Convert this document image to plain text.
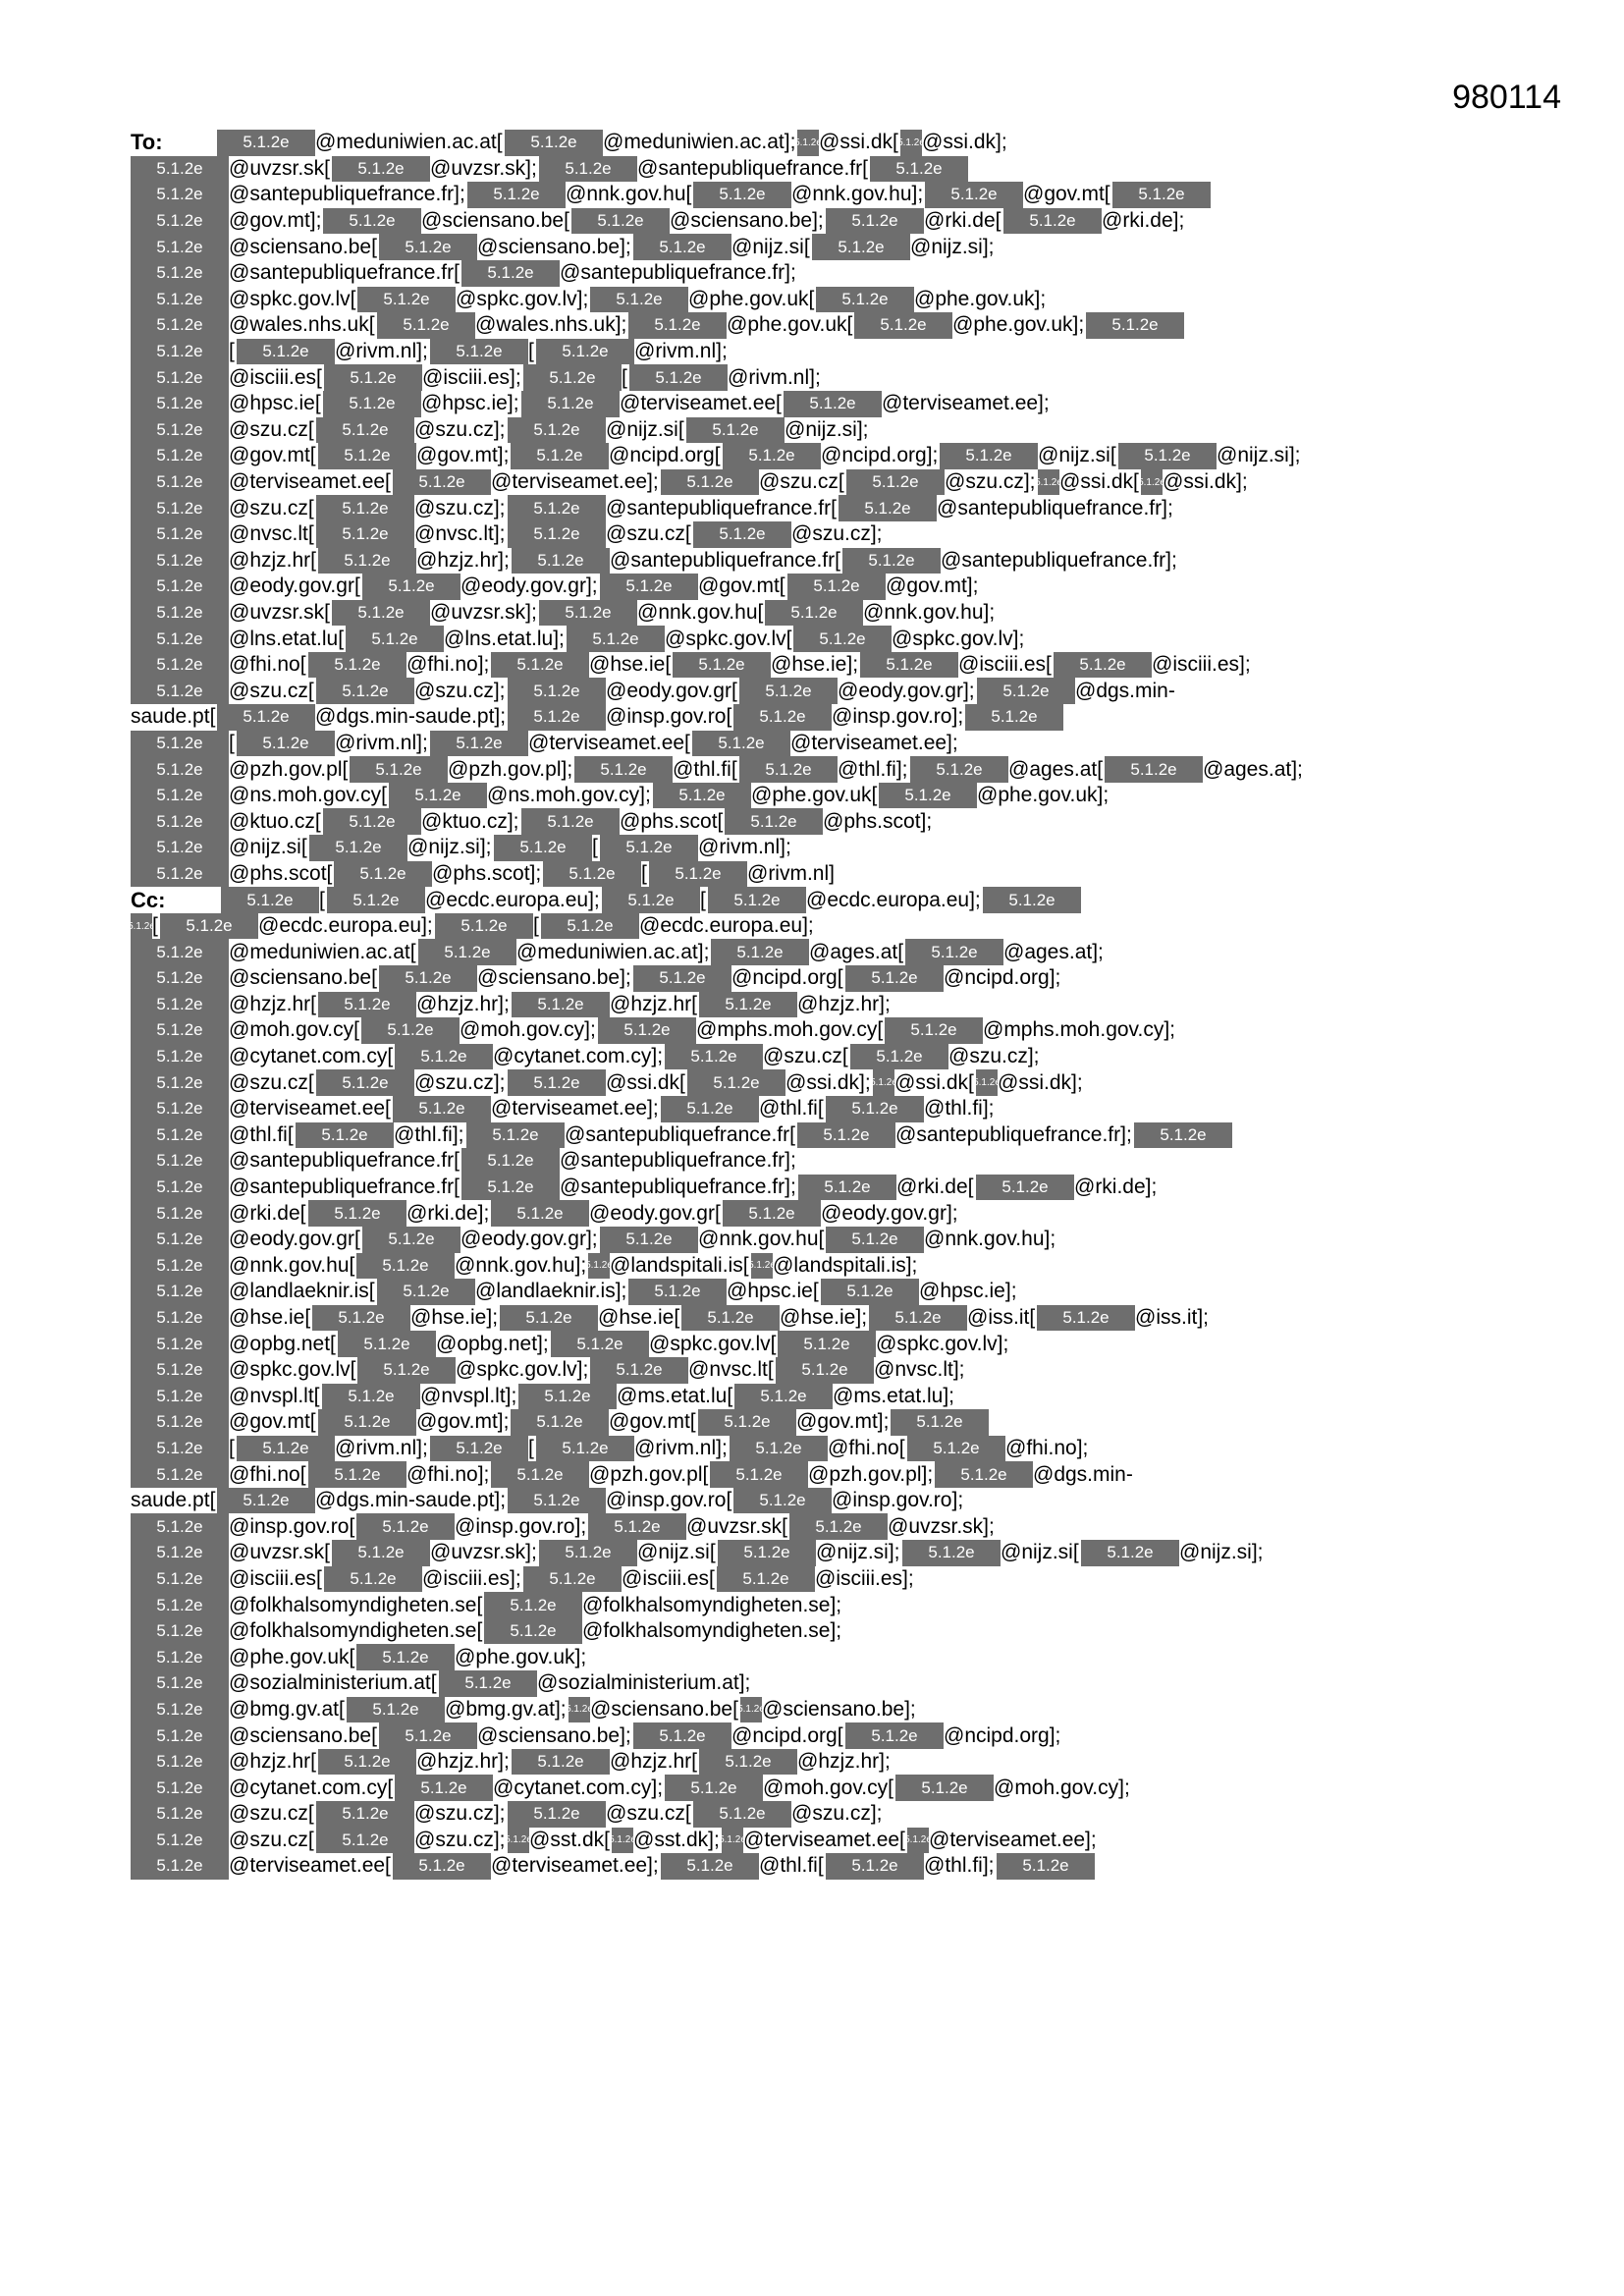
980114
To:	5.1.2e	@meduniwien.ac.at[	5.1.2e	@meduniwien.ac.at];
5.1.2e
@ssi.dk[ 5.1.2e
@ssi.dk];
5.1.2e	@uvzsr.sk[	5.1.2e	@uvzsr.sk];	5.1.2e	@santepubliquefrance.fr[	5.1.2e
5.1.2e	@santepubliquefrance.fr];	5.1.2e	@nnk.gov.hu[	5.1.2e	@nnk.gov.hu];	5.1.2e	@gov.mt[	5.1.2e
5.1.2e	@gov.mt];	5.1.2e	@sciensano.be[	5.1.2e	@sciensano.be];	5.1.2e	@rki.de[	5.1.2e	@rki.de];
5.1.2e	@sciensano.be[	5.1.2e	@sciensano.be];	5.1.2e	@nijz.si[	5.1.2e	@nijz.si];
5.1.2e	@santepubliquefrance.fr[	5.1.2e	@santepubliquefrance.fr];
5.1.2e	@spkc.gov.lv[	5.1.2e	@spkc.gov.lv];	5.1.2e	@phe.gov.uk[	5.1.2e	@phe.gov.uk];
5.1.2e	@wales.nhs.uk[	5.1.2e	@wales.nhs.uk];	5.1.2e	@phe.gov.uk[	5.1.2e	@phe.gov.uk];	5.1.2e
5.1.2e	[	5.1.2e	@rivm.nl];	5.1.2e	[	5.1.2e	@rivm.nl];
5.1.2e	@isciii.es[	5.1.2e	@isciii.es];	5.1.2e	[	5.1.2e	@rivm.nl];
5.1.2e	@hpsc.ie[	5.1.2e	@hpsc.ie];	5.1.2e	@terviseamet.ee[	5.1.2e	@terviseamet.ee];
5.1.2e	@szu.cz[	5.1.2e	@szu.cz];	5.1.2e	@nijz.si[	5.1.2e	@nijz.si];
5.1.2e	@gov.mt[	5.1.2e	@gov.mt];	5.1.2e	@ncipd.org[	5.1.2e	@ncipd.org];	5.1.2e	@nijz.si[	5.1.2e	@nijz.si];
5.1.2e	@terviseamet.ee[	5.1.2e	@terviseamet.ee];	5.1.2e	@szu.cz[	5.1.2e	@szu.cz]; 5.1.2e
@ssi.dk[ 5.1.2e
@ssi.dk];
5.1.2e	@szu.cz[	5.1.2e	@szu.cz];	5.1.2e	@santepubliquefrance.fr[	5.1.2e	@santepubliquefrance.fr];
5.1.2e	@nvsc.lt[	5.1.2e	@nvsc.lt];	5.1.2e	@szu.cz[	5.1.2e	@szu.cz];
5.1.2e	@hzjz.hr[	5.1.2e	@hzjz.hr];	5.1.2e	@santepubliquefrance.fr[	5.1.2e	@santepubliquefrance.fr];
5.1.2e	@eody.gov.gr[	5.1.2e	@eody.gov.gr];	5.1.2e	@gov.mt[	5.1.2e	@gov.mt];
5.1.2e	@uvzsr.sk[	5.1.2e	@uvzsr.sk];	5.1.2e	@nnk.gov.hu[	5.1.2e	@nnk.gov.hu];
5.1.2e	@lns.etat.lu[	5.1.2e	@lns.etat.lu];	5.1.2e	@spkc.gov.lv[	5.1.2e	@spkc.gov.lv];
5.1.2e	@fhi.no[	5.1.2e	@fhi.no];	5.1.2e	@hse.ie[	5.1.2e	@hse.ie];	5.1.2e	@isciii.es[	5.1.2e	@isciii.es];
5.1.2e	@szu.cz[	5.1.2e	@szu.cz];	5.1.2e	@eody.gov.gr[	5.1.2e	@eody.gov.gr];	5.1.2e	@dgs.min-
saude.pt[	5.1.2e	@dgs.min-saude.pt];	5.1.2e	@insp.gov.ro[	5.1.2e	@insp.gov.ro];	5.1.2e
5.1.2e	[	5.1.2e	@rivm.nl];	5.1.2e	@terviseamet.ee[	5.1.2e	@terviseamet.ee];
5.1.2e	@pzh.gov.pl[	5.1.2e	@pzh.gov.pl];	5.1.2e	@thl.fi[	5.1.2e	@thl.fi];	5.1.2e	@ages.at[	5.1.2e	@ages.at];
5.1.2e	@ns.moh.gov.cy[	5.1.2e	@ns.moh.gov.cy];	5.1.2e	@phe.gov.uk[	5.1.2e	@phe.gov.uk];
5.1.2e	@ktuo.cz[	5.1.2e	@ktuo.cz];	5.1.2e	@phs.scot[	5.1.2e	@phs.scot];
5.1.2e	@nijz.si[	5.1.2e	@nijz.si];	5.1.2e	[	5.1.2e	@rivm.nl];
5.1.2e	@phs.scot[	5.1.2e	@phs.scot];	5.1.2e	[	5.1.2e	@rivm.nl]
Cc:	5.1.2e	[	5.1.2e	@ecdc.europa.eu];	5.1.2e	[	5.1.2e	@ecdc.europa.eu];	5.1.2e
5.1.2e
[	5.1.2e	@ecdc.europa.eu];	5.1.2e	[	5.1.2e	@ecdc.europa.eu];
5.1.2e	@meduniwien.ac.at[	5.1.2e	@meduniwien.ac.at];	5.1.2e	@ages.at[	5.1.2e	@ages.at];
5.1.2e	@sciensano.be[	5.1.2e	@sciensano.be];	5.1.2e	@ncipd.org[	5.1.2e	@ncipd.org];
5.1.2e	@hzjz.hr[	5.1.2e	@hzjz.hr];	5.1.2e	@hzjz.hr[	5.1.2e	@hzjz.hr];
5.1.2e	@moh.gov.cy[	5.1.2e	@moh.gov.cy];	5.1.2e	@mphs.moh.gov.cy[	5.1.2e	@mphs.moh.gov.cy];
5.1.2e	@cytanet.com.cy[	5.1.2e	@cytanet.com.cy];	5.1.2e	@szu.cz[	5.1.2e	@szu.cz];
5.1.2e	@szu.cz[	5.1.2e	@szu.cz];	5.1.2e	@ssi.dk[	5.1.2e	@ssi.dk]; 5.1.2e
@ssi.dk[ 5.1.2e
@ssi.dk];
5.1.2e	@terviseamet.ee[	5.1.2e	@terviseamet.ee];	5.1.2e	@thl.fi[	5.1.2e	@thl.fi];
5.1.2e	@thl.fi[	5.1.2e	@thl.fi];	5.1.2e	@santepubliquefrance.fr[	5.1.2e	@santepubliquefrance.fr];	5.1.2e
5.1.2e	@santepubliquefrance.fr[	5.1.2e	@santepubliquefrance.fr];
5.1.2e	@santepubliquefrance.fr[	5.1.2e	@santepubliquefrance.fr];	5.1.2e	@rki.de[	5.1.2e	@rki.de];
5.1.2e	@rki.de[	5.1.2e	@rki.de];	5.1.2e	@eody.gov.gr[	5.1.2e	@eody.gov.gr];
5.1.2e	@eody.gov.gr[	5.1.2e	@eody.gov.gr];	5.1.2e	@nnk.gov.hu[	5.1.2e	@nnk.gov.hu];
5.1.2e	@nnk.gov.hu[	5.1.2e	@nnk.gov.hu];
5.1.2e
@landspitali.is[ 5.1.2e
@landspitali.is];
5.1.2e	@landlaeknir.is[	5.1.2e	@landlaeknir.is];	5.1.2e	@hpsc.ie[	5.1.2e	@hpsc.ie];
5.1.2e	@hse.ie[	5.1.2e	@hse.ie];	5.1.2e	@hse.ie[	5.1.2e	@hse.ie];	5.1.2e	@iss.it[	5.1.2e	@iss.it];
5.1.2e	@opbg.net[	5.1.2e	@opbg.net];	5.1.2e	@spkc.gov.lv[	5.1.2e	@spkc.gov.lv];
5.1.2e	@spkc.gov.lv[	5.1.2e	@spkc.gov.lv];	5.1.2e	@nvsc.lt[	5.1.2e	@nvsc.lt];
5.1.2e	@nvspl.lt[	5.1.2e	@nvspl.lt];	5.1.2e	@ms.etat.lu[	5.1.2e	@ms.etat.lu];
5.1.2e	@gov.mt[	5.1.2e	@gov.mt];	5.1.2e	@gov.mt[	5.1.2e	@gov.mt];	5.1.2e
5.1.2e	[	5.1.2e	@rivm.nl];	5.1.2e	[	5.1.2e	@rivm.nl];	5.1.2e	@fhi.no[	5.1.2e	@fhi.no];
5.1.2e	@fhi.no[	5.1.2e	@fhi.no];	5.1.2e	@pzh.gov.pl[	5.1.2e	@pzh.gov.pl];	5.1.2e	@dgs.min-
saude.pt[	5.1.2e	@dgs.min-saude.pt];	5.1.2e	@insp.gov.ro[	5.1.2e	@insp.gov.ro];
5.1.2e	@insp.gov.ro[	5.1.2e	@insp.gov.ro];	5.1.2e	@uvzsr.sk[	5.1.2e	@uvzsr.sk];
5.1.2e	@uvzsr.sk[	5.1.2e	@uvzsr.sk];	5.1.2e	@nijz.si[	5.1.2e	@nijz.si];	5.1.2e	@nijz.si[	5.1.2e	@nijz.si];
5.1.2e	@isciii.es[	5.1.2e	@isciii.es];	5.1.2e	@isciii.es[	5.1.2e	@isciii.es];
5.1.2e	@folkhalsomyndigheten.se[	5.1.2e	@folkhalsomyndigheten.se];
5.1.2e	@folkhalsomyndigheten.se[	5.1.2e	@folkhalsomyndigheten.se];
5.1.2e	@phe.gov.uk[	5.1.2e	@phe.gov.uk];
5.1.2e	@sozialministerium.at[	5.1.2e	@sozialministerium.at];
5.1.2e	@bmg.gv.at[	5.1.2e	@bmg.gv.at]; 5.1.2e
@sciensano.be[ 5.1.2e
@sciensano.be];
5.1.2e	@sciensano.be[	5.1.2e	@sciensano.be];	5.1.2e	@ncipd.org[	5.1.2e	@ncipd.org];
5.1.2e	@hzjz.hr[	5.1.2e	@hzjz.hr];	5.1.2e	@hzjz.hr[	5.1.2e	@hzjz.hr];
5.1.2e	@cytanet.com.cy[	5.1.2e	@cytanet.com.cy];	5.1.2e	@moh.gov.cy[	5.1.2e	@moh.gov.cy];
5.1.2e	@szu.cz[	5.1.2e	@szu.cz];	5.1.2e	@szu.cz[	5.1.2e	@szu.cz];
5.1.2e	@szu.cz[	5.1.2e	@szu.cz]; 5.1.2e
@sst.dk[ 5.1.2e
@sst.dk]; 5.1.2e
@terviseamet.ee[ 5.1.2e
@terviseamet.ee];
5.1.2e	@terviseamet.ee[	5.1.2e	@terviseamet.ee];	5.1.2e	@thl.fi[	5.1.2e	@thl.fi];	5.1.2e
